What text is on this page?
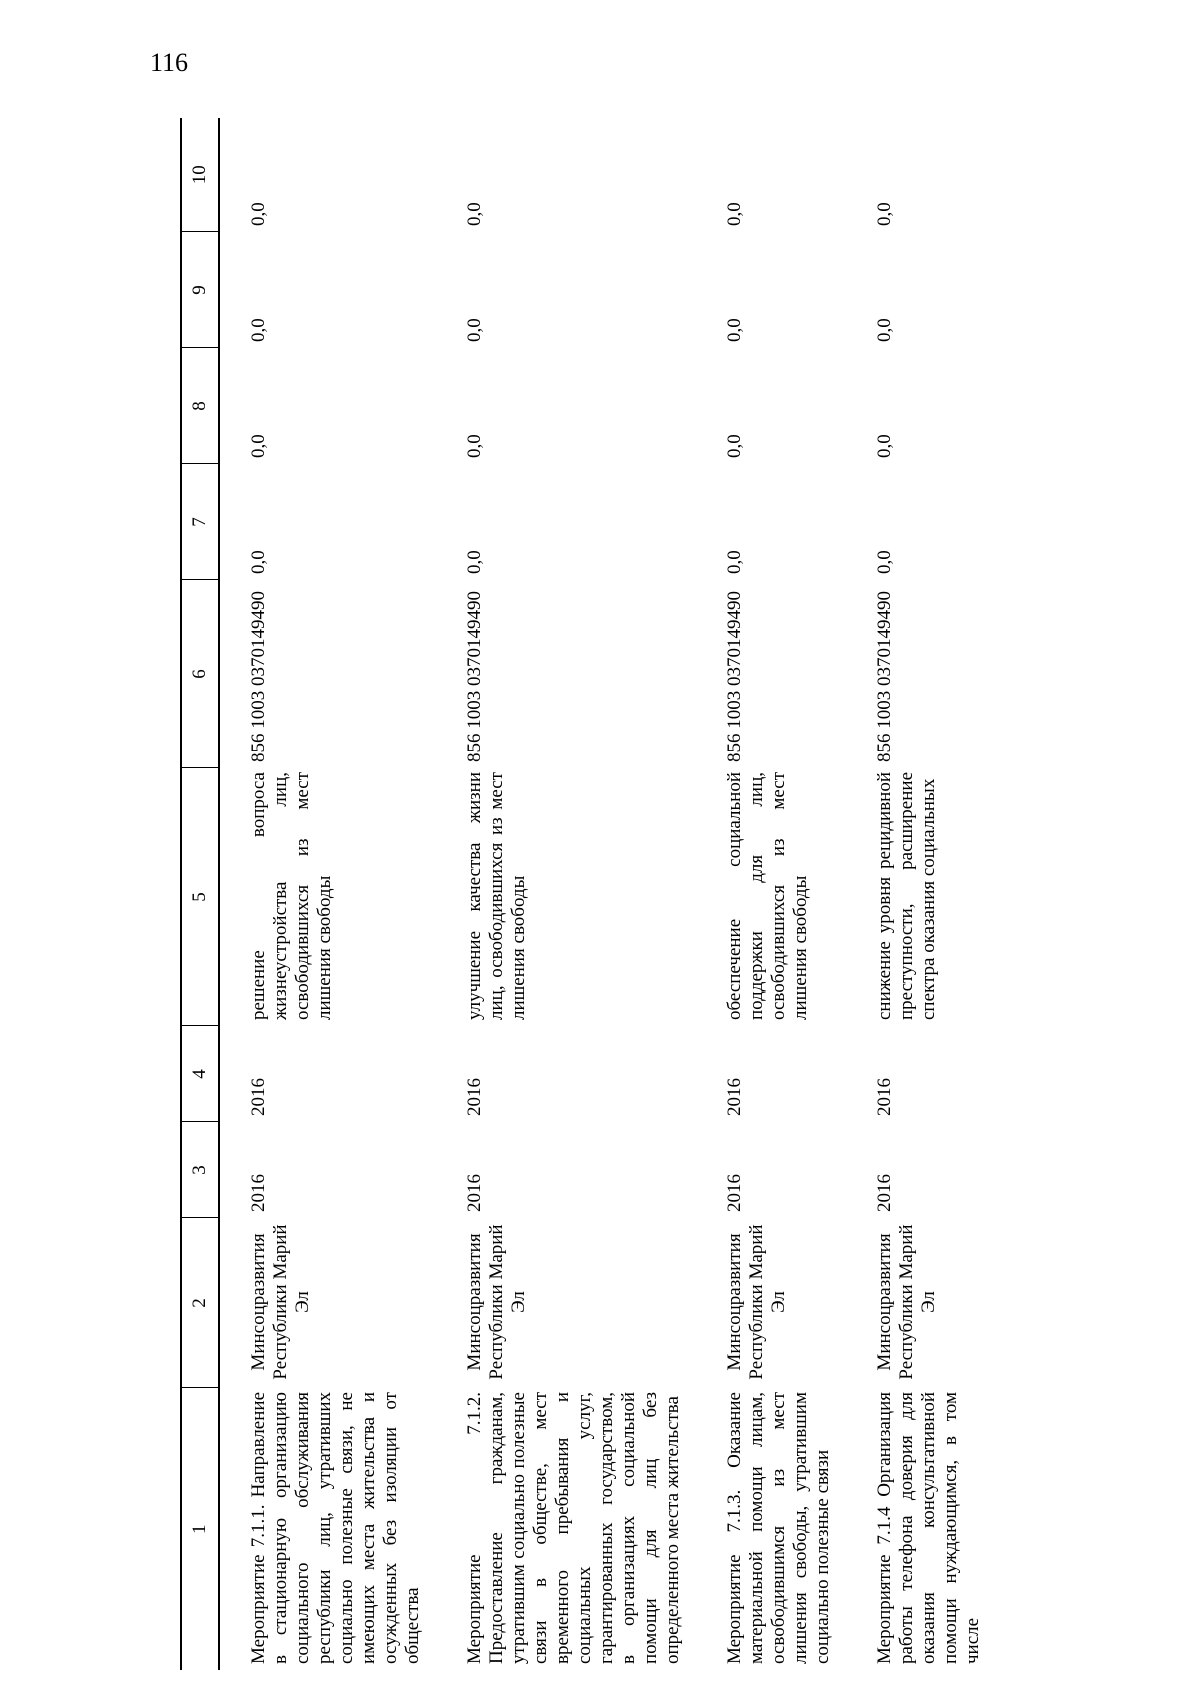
116
1	2	3	4	5	6	7	8	9	10
Мероприятие 7.1.1. Направление в стационарную организацию социального обслуживания республики лиц, утративших социально полезные связи, не имеющих места жительства и осужденных без изоляции от общества	Минсоцразвития Республики Марий Эл	2016	2016	решение вопроса жизнеустройства лиц, освободившихся из мест лишения свободы	856 1003 0370149490	0,0	0,0	0,0	0,0
Мероприятие 7.1.2. Предоставление гражданам, утратившим социально полезные связи в обществе, мест временного пребывания и социальных услуг, гарантированных государством, в организациях социальной помощи для лиц без определенного места жительства	Минсоцразвития Республики Марий Эл	2016	2016	улучшение качества жизни лиц, освободившихся из мест лишения свободы	856 1003 0370149490	0,0	0,0	0,0	0,0
Мероприятие 7.1.3. Оказание материальной помощи лицам, освободившимся из мест лишения свободы, утратившим социально полезные связи	Минсоцразвития Республики Марий Эл	2016	2016	обеспечение социальной поддержки для лиц, освободившихся из мест лишения свободы	856 1003 0370149490	0,0	0,0	0,0	0,0

Мероприятие 7.1.4 Организация работы телефона доверия для оказания консультативной помощи нуждающимся, в том числе	Минсоцразвития Республики Марий Эл	2016	2016	снижение уровня рецидивной преступности, расширение спектра оказания социальных	856 1003 0370149490	0,0	0,0	0,0	0,0
